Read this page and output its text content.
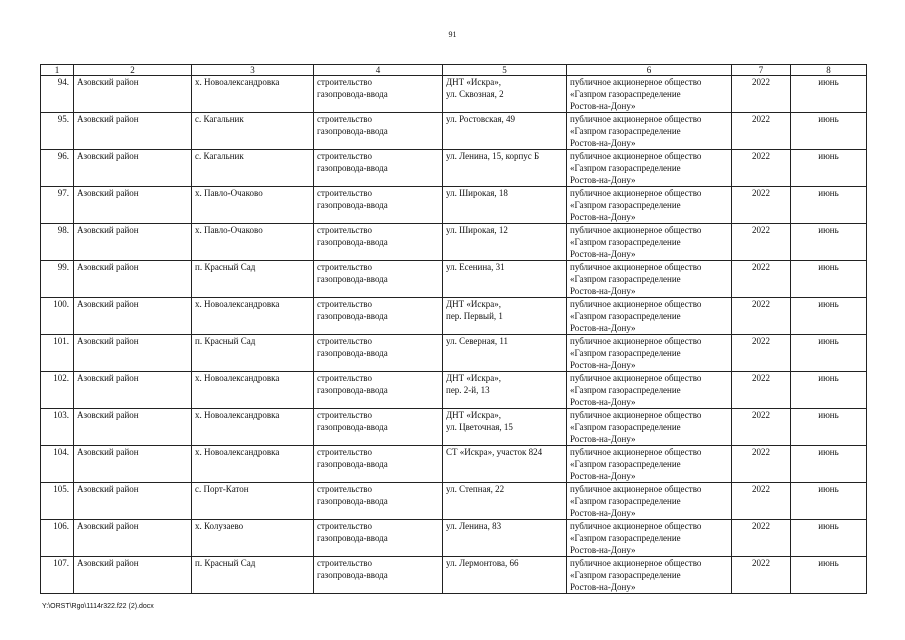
91
1	2	3	4	5	6	7	8
94.	Азовский район	х. Новоалександровка	строительство
газопровода-ввода	ДНТ «Искра»,
ул. Сквозная, 2	публичное акционерное общество
«Газпром газораспределение
Ростов-на-Дону»	2022	июнь
95.	Азовский район	с. Кагальник	строительство
газопровода-ввода	ул. Ростовская, 49	публичное акционерное общество
«Газпром газораспределение
Ростов-на-Дону»	2022	июнь
96.	Азовский район	с. Кагальник	строительство
газопровода-ввода	ул. Ленина, 15, корпус Б	публичное акционерное общество
«Газпром газораспределение
Ростов-на-Дону»	2022	июнь
97.	Азовский район	х. Павло-Очаково	строительство
газопровода-ввода	ул. Широкая, 18	публичное акционерное общество
«Газпром газораспределение
Ростов-на-Дону»	2022	июнь
98.	Азовский район	х. Павло-Очаково	строительство
газопровода-ввода	ул. Широкая, 12	публичное акционерное общество
«Газпром газораспределение
Ростов-на-Дону»	2022	июнь
99.	Азовский район	п. Красный Сад	строительство
газопровода-ввода	ул. Есенина, 31	публичное акционерное общество
«Газпром газораспределение
Ростов-на-Дону»	2022	июнь
100.	Азовский район	х. Новоалександровка	строительство
газопровода-ввода	ДНТ «Искра»,
пер. Первый, 1	публичное акционерное общество
«Газпром газораспределение
Ростов-на-Дону»	2022	июнь
101.	Азовский район	п. Красный Сад	строительство
газопровода-ввода	ул. Северная, 11	публичное акционерное общество
«Газпром газораспределение
Ростов-на-Дону»	2022	июнь
102.	Азовский район	х. Новоалександровка	строительство
газопровода-ввода	ДНТ «Искра»,
пер. 2-й, 13	публичное акционерное общество
«Газпром газораспределение
Ростов-на-Дону»	2022	июнь
103.	Азовский район	х. Новоалександровка	строительство
газопровода-ввода	ДНТ «Искра»,
ул. Цветочная, 15	публичное акционерное общество
«Газпром газораспределение
Ростов-на-Дону»	2022	июнь
104.	Азовский район	х. Новоалександровка	строительство
газопровода-ввода	СТ «Искра», участок 824	публичное акционерное общество
«Газпром газораспределение
Ростов-на-Дону»	2022	июнь
105.	Азовский район	с. Порт-Катон	строительство
газопровода-ввода	ул. Степная, 22	публичное акционерное общество
«Газпром газораспределение
Ростов-на-Дону»	2022	июнь
106.	Азовский район	х. Колузаево	строительство
газопровода-ввода	ул. Ленина, 83	публичное акционерное общество
«Газпром газораспределение
Ростов-на-Дону»	2022	июнь
107.	Азовский район	п. Красный Сад	строительство
газопровода-ввода	ул. Лермонтова, 66	публичное акционерное общество
«Газпром газораспределение
Ростов-на-Дону»	2022	июнь
Y:\ORST\Rgo\1114r322.f22 (2).docx
